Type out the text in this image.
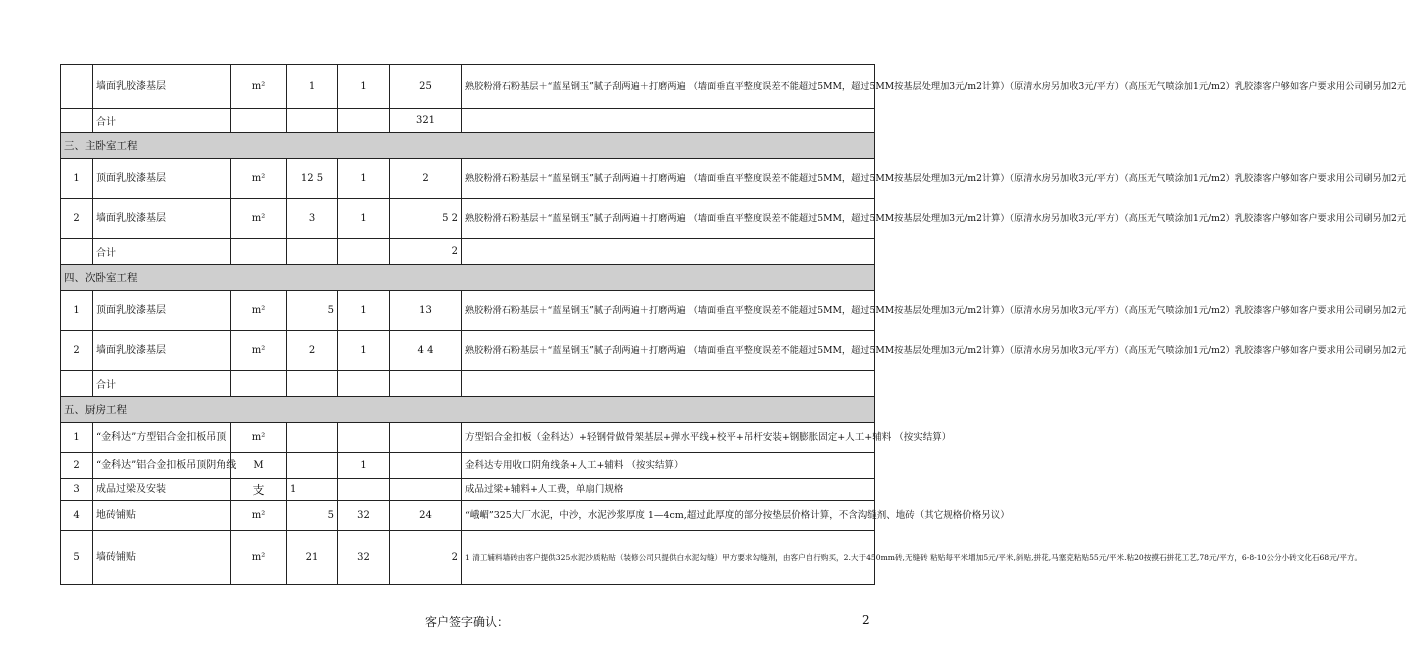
	墙面乳胶漆基层	m²	1	1	25	熟胶粉滑石粉基层＋“蓝星钢玉”腻子刮两遍＋打磨两遍 （墙面垂直平整度误差不能超过5MM，超过5MM按基层处理加3元/m2计算）（原清水房另加收3元/平方）（高压无气喷涂加1元/m2）乳胶漆客户够如客户要求用公司刷另加2元
	合计				321	
三、主卧室工程						
1	顶面乳胶漆基层	m²	12 5	1	2	熟胶粉滑石粉基层＋“蓝星钢玉”腻子刮两遍＋打磨两遍 （墙面垂直平整度误差不能超过5MM，超过5MM按基层处理加3元/m2计算）（原清水房另加收3元/平方）（高压无气喷涂加1元/m2）乳胶漆客户够如客户要求用公司刷另加2元
2	墙面乳胶漆基层	m²	3	1	5 2	熟胶粉滑石粉基层＋“蓝星钢玉”腻子刮两遍＋打磨两遍 （墙面垂直平整度误差不能超过5MM，超过5MM按基层处理加3元/m2计算）（原清水房另加收3元/平方）（高压无气喷涂加1元/m2）乳胶漆客户够如客户要求用公司刷另加2元
	合计				2	
四、次卧室工程						
1	顶面乳胶漆基层	m²	5	1	13	熟胶粉滑石粉基层＋“蓝星钢玉”腻子刮两遍＋打磨两遍 （墙面垂直平整度误差不能超过5MM，超过5MM按基层处理加3元/m2计算）（原清水房另加收3元/平方）（高压无气喷涂加1元/m2）乳胶漆客户够如客户要求用公司刷另加2元
2	墙面乳胶漆基层	m²	2	1	4 4	熟胶粉滑石粉基层＋“蓝星钢玉”腻子刮两遍＋打磨两遍 （墙面垂直平整度误差不能超过5MM，超过5MM按基层处理加3元/m2计算）（原清水房另加收3元/平方）（高压无气喷涂加1元/m2）乳胶漆客户够如客户要求用公司刷另加2元
	合计					
五、厨房工程						
1	“金科达”方型铝合金扣板吊顶	m²				方型铝合金扣板（金科达）+轻钢骨做骨架基层+弹水平线+校平+吊杆安装+钢膨胀固定+人工+辅料 （按实结算）
2	“金科达”铝合金扣板吊顶阴角线	M		1		金科达专用收口阴角线条+人工+辅料 （按实结算）
3	成品过梁及安装	支	1			成品过梁+辅料+人工费，单扇门规格
4	地砖铺贴	m²	5	32	24	“峨嵋”325大厂水泥，中沙，水泥沙浆厚度 1—4cm,超过此厚度的部分按垫层价格计算，不含沟缝剂、地砖（其它规格价格另议）
5	墙砖铺贴	m²	21	32	2	1 清工辅料墙砖由客户提供325水泥沙质粘贴（装修公司只提供白水泥勾缝）甲方要求勾缝剂，由客户自行购买，2.大于450mm砖,无缝砖 粘贴每平米增加5元/平米,斜贴,拼花,马塞克粘贴55元/平米.粘20按摸石拼花工艺,78元/平方，6-8-10公分小砖文化石68元/平方。
客户签字确认：	2
